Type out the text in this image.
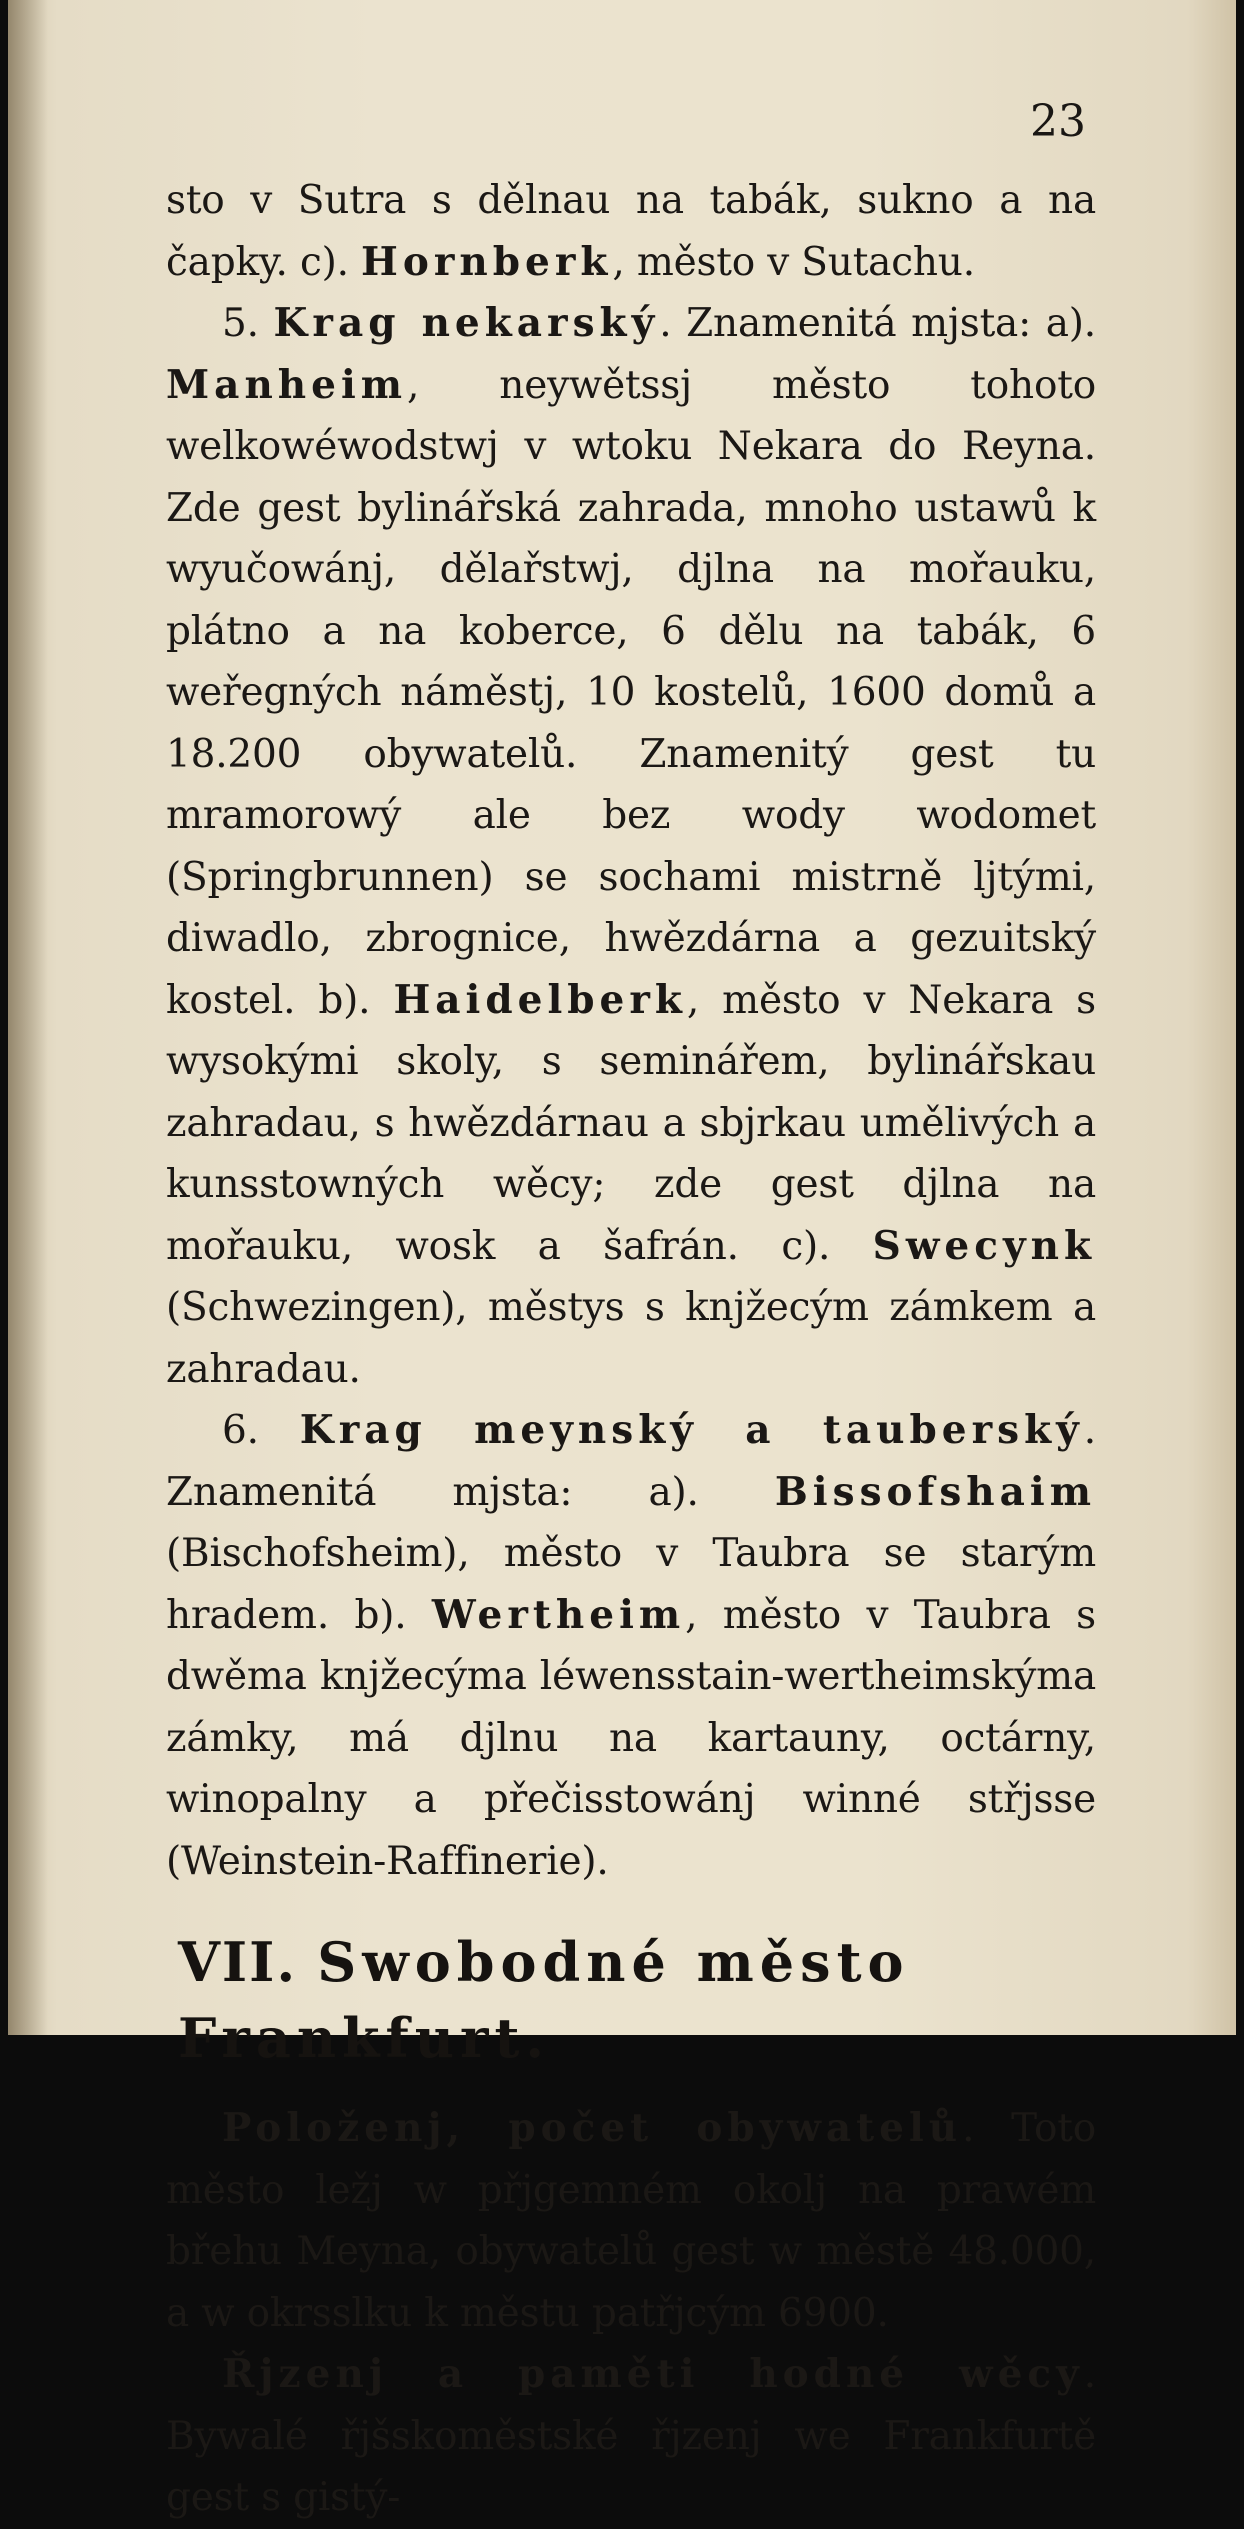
23

sto v Sutra s dělnau na tabák, sukno a na čapky. c). Hornberk, město v Sutachu.

5. Krag nekarský. Znamenitá mjsta: a). Manheim, neywětssj město tohoto welkowéwodstwj v wtoku Nekara do Reyna. Zde gest bylinářská zahrada, mnoho ustawů k wyučowánj, dělařstwj, djlna na mořauku, plátno a na koberce, 6 dělu na tabák, 6 weřegných náměstj, 10 kostelů, 1600 domů a 18.200 obywatelů. Znamenitý gest tu mramorowý ale bez wody wodomet (Springbrunnen) se sochami mistrně ljtými, diwadlo, zbrognice, hwězdárna a gezuitský kostel. b). Haidelberk, město v Nekara s wysokými skoly, s seminářem, bylinářskau zahradau, s hwězdárnau a sbjrkau umělivých a kunsstowných wěcy; zde gest djlna na mořauku, wosk a šafrán. c). Swecynk (Schwezingen), městys s knjžecým zámkem a zahradau.

6. Krag meynský a tauberský. Znamenitá mjsta: a). Bissofshaim (Bischofsheim), město v Taubra se starým hradem. b). Wertheim, město v Taubra s dwěma knjžecýma léwensstain-wertheimskýma zámky, má djlnu na kartauny, octárny, winopalny a přečisstowánj winné střjsse (Weinstein-Raffinerie).

VII. Swobodné město Frankfurt.

Položenj, počet obywatelů. Toto město ležj w přjgemném okolj na prawém břehu Meyna, obywatelů gest w městě 48.000, a w okrsslku k městu patřjcým 6900.

Řjzenj a paměti hodné wěcy. Bywalé řjšskoměstské řjzenj we Frankfurtě gest s gistý-
